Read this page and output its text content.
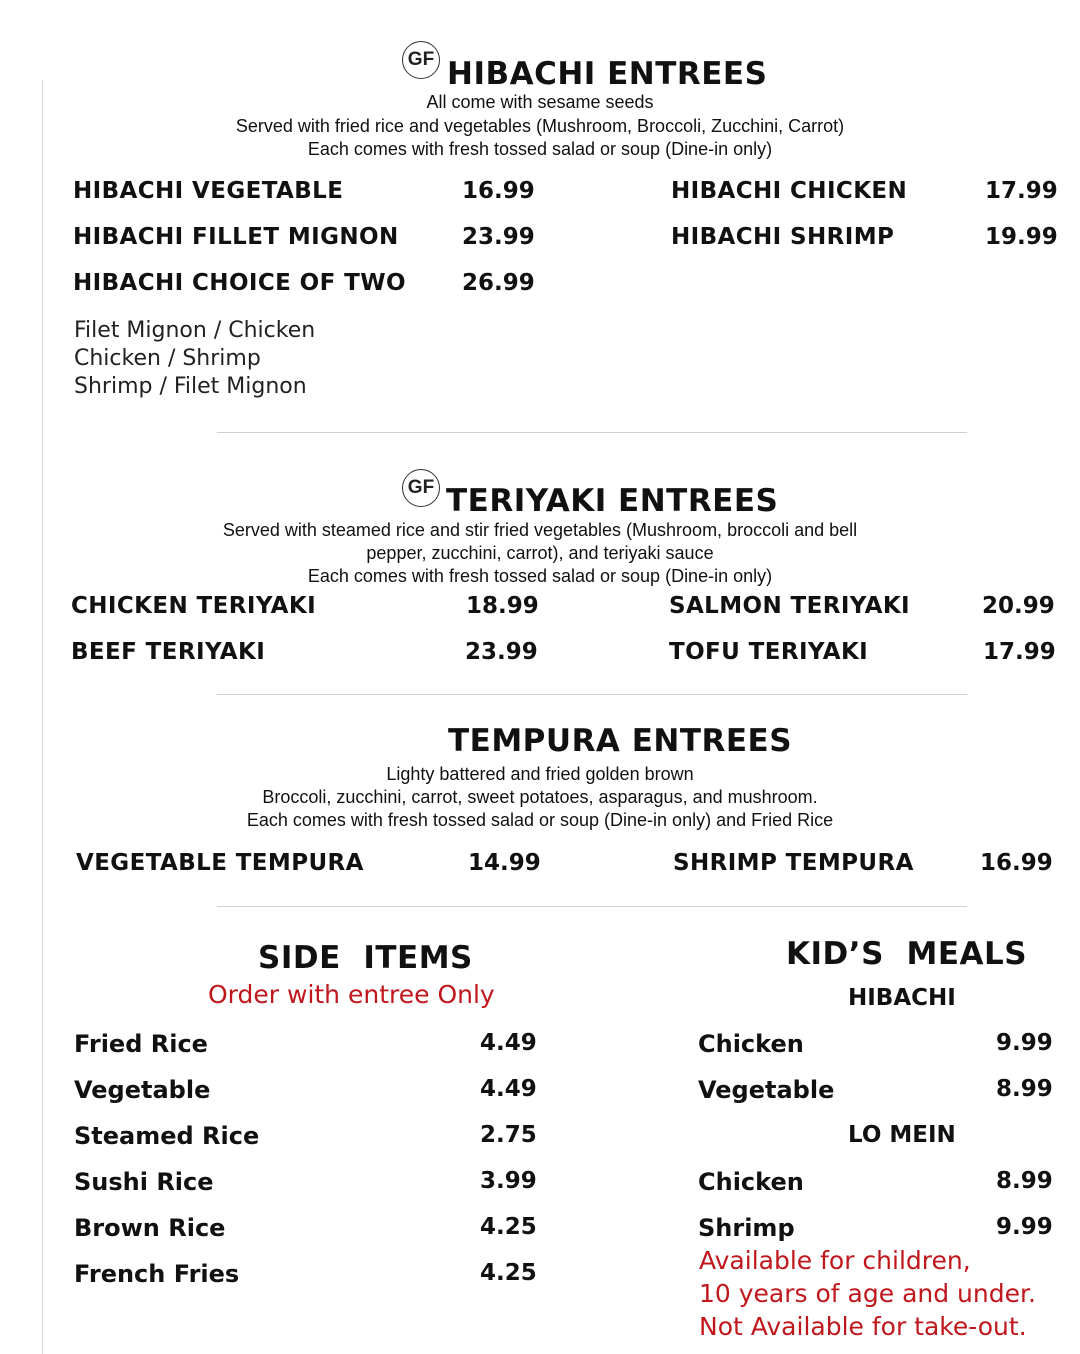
GF HIBACHI ENTREES
All come with sesame seeds
Served with fried rice and vegetables (Mushroom, Broccoli, Zucchini, Carrot)
Each comes with fresh tossed salad or soup (Dine-in only)
HIBACHI VEGETABLE	16.99	HIBACHI CHICKEN	17.99
HIBACHI FILLET MIGNON	23.99	HIBACHI SHRIMP	19.99
HIBACHI CHOICE OF TWO 26.99
Filet Mignon / Chicken
Chicken / Shrimp
Shrimp / Filet Mignon
GF TERIYAKI ENTREES
Served with steamed rice and stir fried vegetables (Mushroom, broccoli and bell
pepper, zucchini, carrot), and teriyaki sauce
Each comes with fresh tossed salad or soup (Dine-in only)
CHICKEN TERIYAKI	18.99	SALMON TERIYAKI	20.99
BEEF TERIYAKI	23.99	TOFU TERIYAKI	17.99
TEMPURA ENTREES
Lighty battered and fried golden brown
Broccoli, zucchini, carrot, sweet potatoes, asparagus, and mushroom.
Each comes with fresh tossed salad or soup (Dine-in only) and Fried Rice
VEGETABLE TEMPURA	14.99	SHRIMP TEMPURA	16.99
SIDE  ITEMS
Order with entree Only
Fried Rice	4.49
Vegetable	4.49
Steamed Rice	2.75
Sushi Rice	3.99
Brown Rice	4.25
French Fries	4.25
KID’S  MEALS
HIBACHI
Chicken	9.99
Vegetable	8.99
LO MEIN
Chicken	8.99
Shrimp	9.99
Available for children,
10 years of age and under.
Not Available for take-out.
